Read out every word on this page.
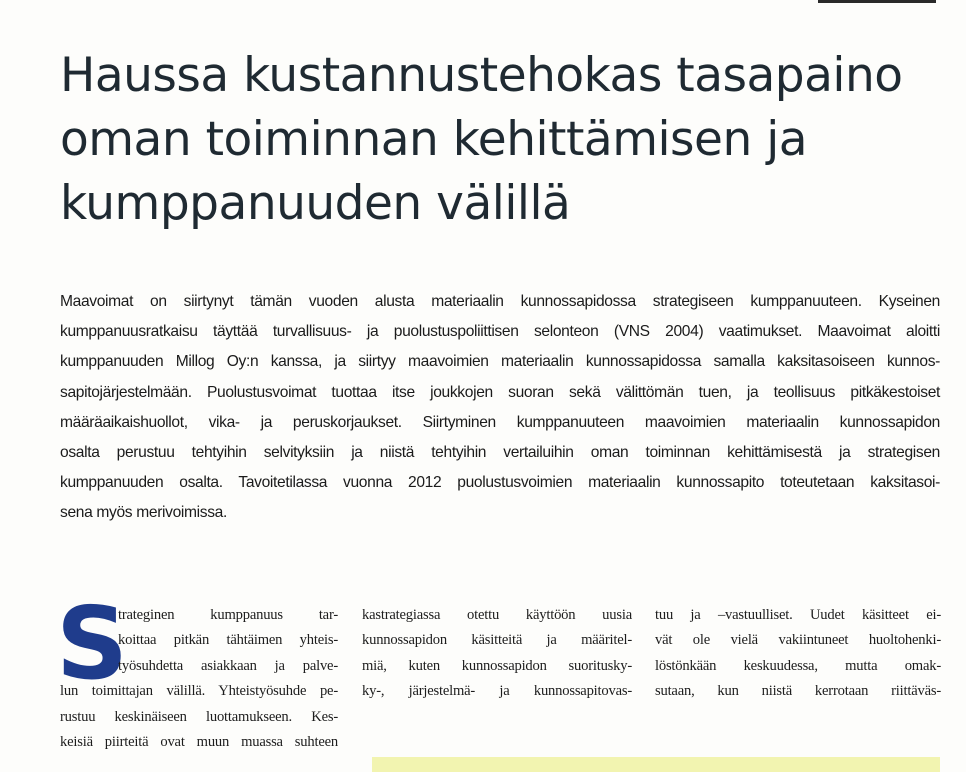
Haussa kustannustehokas tasapaino
oman toiminnan kehittämisen ja
kumppanuuden välillä
Maavoimat on siirtynyt tämän vuoden alusta materiaalin kunnossapidossa strategiseen kumppanuuteen. Kyseinen
kumppanuusratkaisu täyttää turvallisuus- ja puolustuspoliittisen selonteon (VNS 2004) vaatimukset. Maavoimat aloitti
kumppanuuden Millog Oy:n kanssa, ja siirtyy maavoimien materiaalin kunnossapidossa samalla kaksitasoiseen kunnos-
sapitojärjestelmään. Puolustusvoimat tuottaa itse joukkojen suoran sekä välittömän tuen, ja teollisuus pitkäkestoiset
määräaikaishuollot, vika- ja peruskorjaukset. Siirtyminen kumppanuuteen maavoimien materiaalin kunnossapidon
osalta perustuu tehtyihin selvityksiin ja niistä tehtyihin vertailuihin oman toiminnan kehittämisestä ja strategisen
kumppanuuden osalta. Tavoitetilassa vuonna 2012 puolustusvoimien materiaalin kunnossapito toteutetaan kaksitasoi-
sena myös merivoimissa.
S
trateginen kumppanuus tar-
koittaa pitkän tähtäimen yhteis-
työsuhdetta asiakkaan ja palve-
lun toimittajan välillä. Yhteistyösuhde pe-
rustuu keskinäiseen luottamukseen. Kes-
keisiä piirteitä ovat muun muassa suhteen
kastrategiassa otettu käyttöön uusia
kunnossapidon käsitteitä ja määritel-
miä, kuten kunnossapidon suoritusky-
ky-, järjestelmä- ja kunnossapitovas-
tuu ja –vastuulliset. Uudet käsitteet ei-
vät ole vielä vakiintuneet huoltohenki-
löstönkään keskuudessa, mutta omak-
sutaan, kun niistä kerrotaan riittäväs-
